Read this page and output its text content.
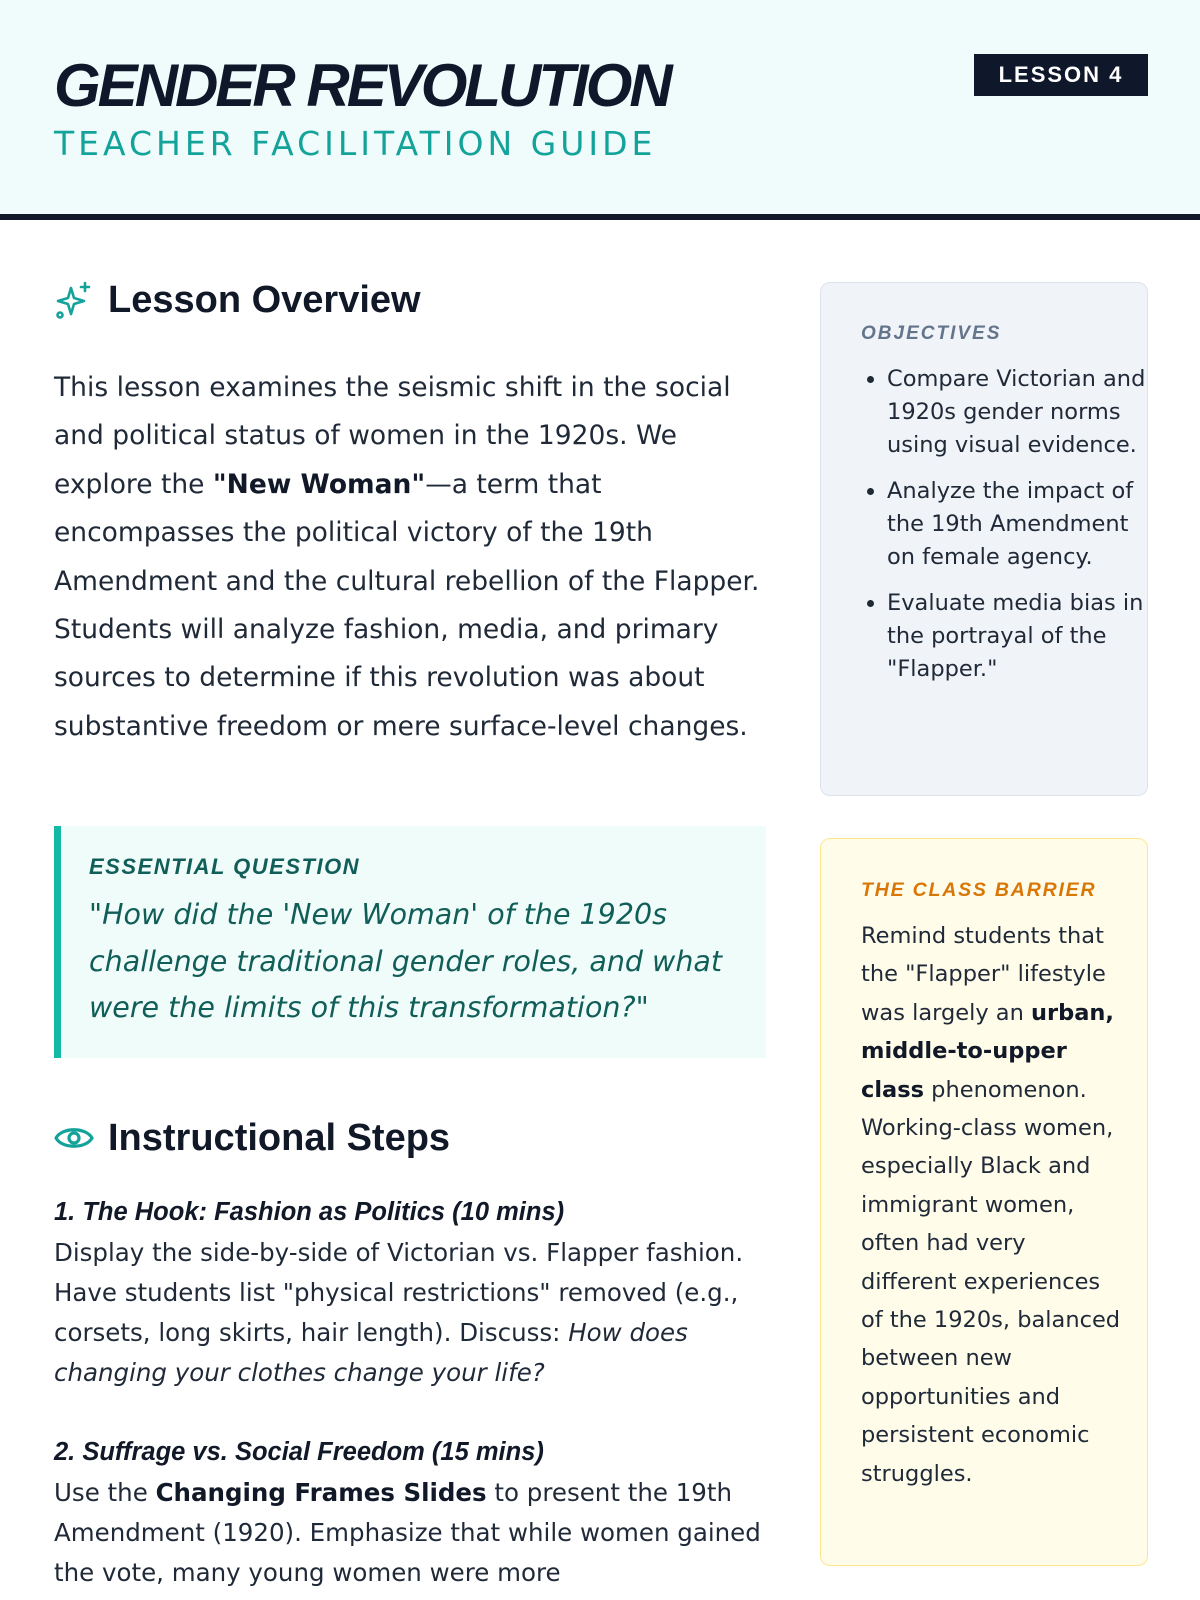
GENDER REVOLUTION
TEACHER FACILITATION GUIDE
LESSON 4
Lesson Overview

This lesson examines the seismic shift in the social and political status of women in the 1920s. We explore the "New Woman"—a term that encompasses the political victory of the 19th Amendment and the cultural rebellion of the Flapper. Students will analyze fashion, media, and primary sources to determine if this revolution was about substantive freedom or mere surface-level changes.

ESSENTIAL QUESTION

"How did the 'New Woman' of the 1920s challenge traditional gender roles, and what were the limits of this transformation?"

Instructional Steps
1. The Hook: Fashion as Politics (10 mins)

Display the side-by-side of Victorian vs. Flapper fashion. Have students list "physical restrictions" removed (e.g., corsets, long skirts, hair length). Discuss: How does changing your clothes change your life?

2. Suffrage vs. Social Freedom (15 mins)

Use the Changing Frames Slides to present the 19th Amendment (1920). Emphasize that while women gained the vote, many young women were more

OBJECTIVES
• Compare Victorian and 1920s gender norms using visual evidence.
• Analyze the impact of the 19th Amendment on female agency.
• Evaluate media bias in the portrayal of the "Flapper."
THE CLASS BARRIER

Remind students that the "Flapper" lifestyle was largely an urban, middle-to-upper class phenomenon. Working-class women, especially Black and immigrant women, often had very different experiences of the 1920s, balanced between new opportunities and persistent economic struggles.
